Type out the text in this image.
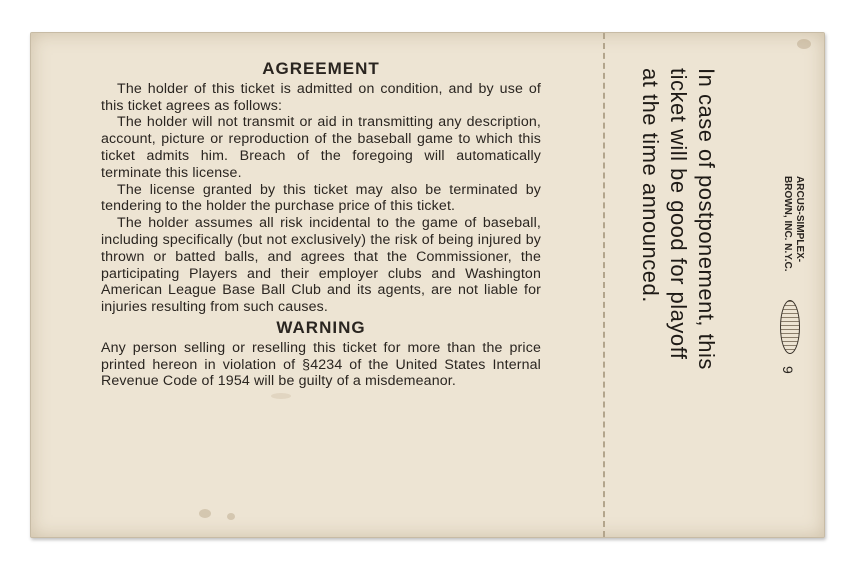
AGREEMENT

The holder of this ticket is admitted on condition, and by use of this ticket agrees as follows:

The holder will not transmit or aid in transmitting any description, account, picture or reproduction of the baseball game to which this ticket admits him. Breach of the foregoing will automatically terminate this license.

The license granted by this ticket may also be terminated by tendering to the holder the purchase price of this ticket.

The holder assumes all risk incidental to the game of baseball, including specifically (but not exclusively) the risk of being injured by thrown or batted balls, and agrees that the Commissioner, the participating Players and their employer clubs and Washington American League Base Ball Club and its agents, are not liable for injuries resulting from such causes.

WARNING

Any person selling or reselling this ticket for more than the price printed hereon in violation of §4234 of the United States Internal Revenue Code of 1954 will be guilty of a misdemeanor.

In case of postponement, this
ticket will be good for playoff
at the time announced.	ARCUS-SIMPLEX-
BROWN, INC. N.Y.C.
9
